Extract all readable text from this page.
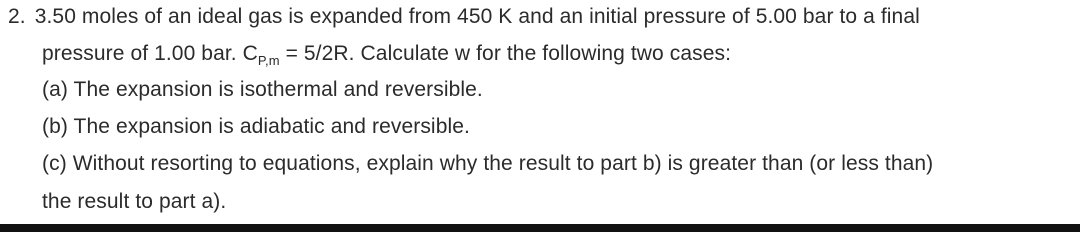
2. 3.50 moles of an ideal gas is expanded from 450 K and an initial pressure of 5.00 bar to a final
pressure of 1.00 bar. $C_{P,m} = 5/2R$. Calculate w for the following two cases:
(a) The expansion is isothermal and reversible.
(b) The expansion is adiabatic and reversible.
(c) Without resorting to equations, explain why the result to part b) is greater than (or less than)
the result to part a).
